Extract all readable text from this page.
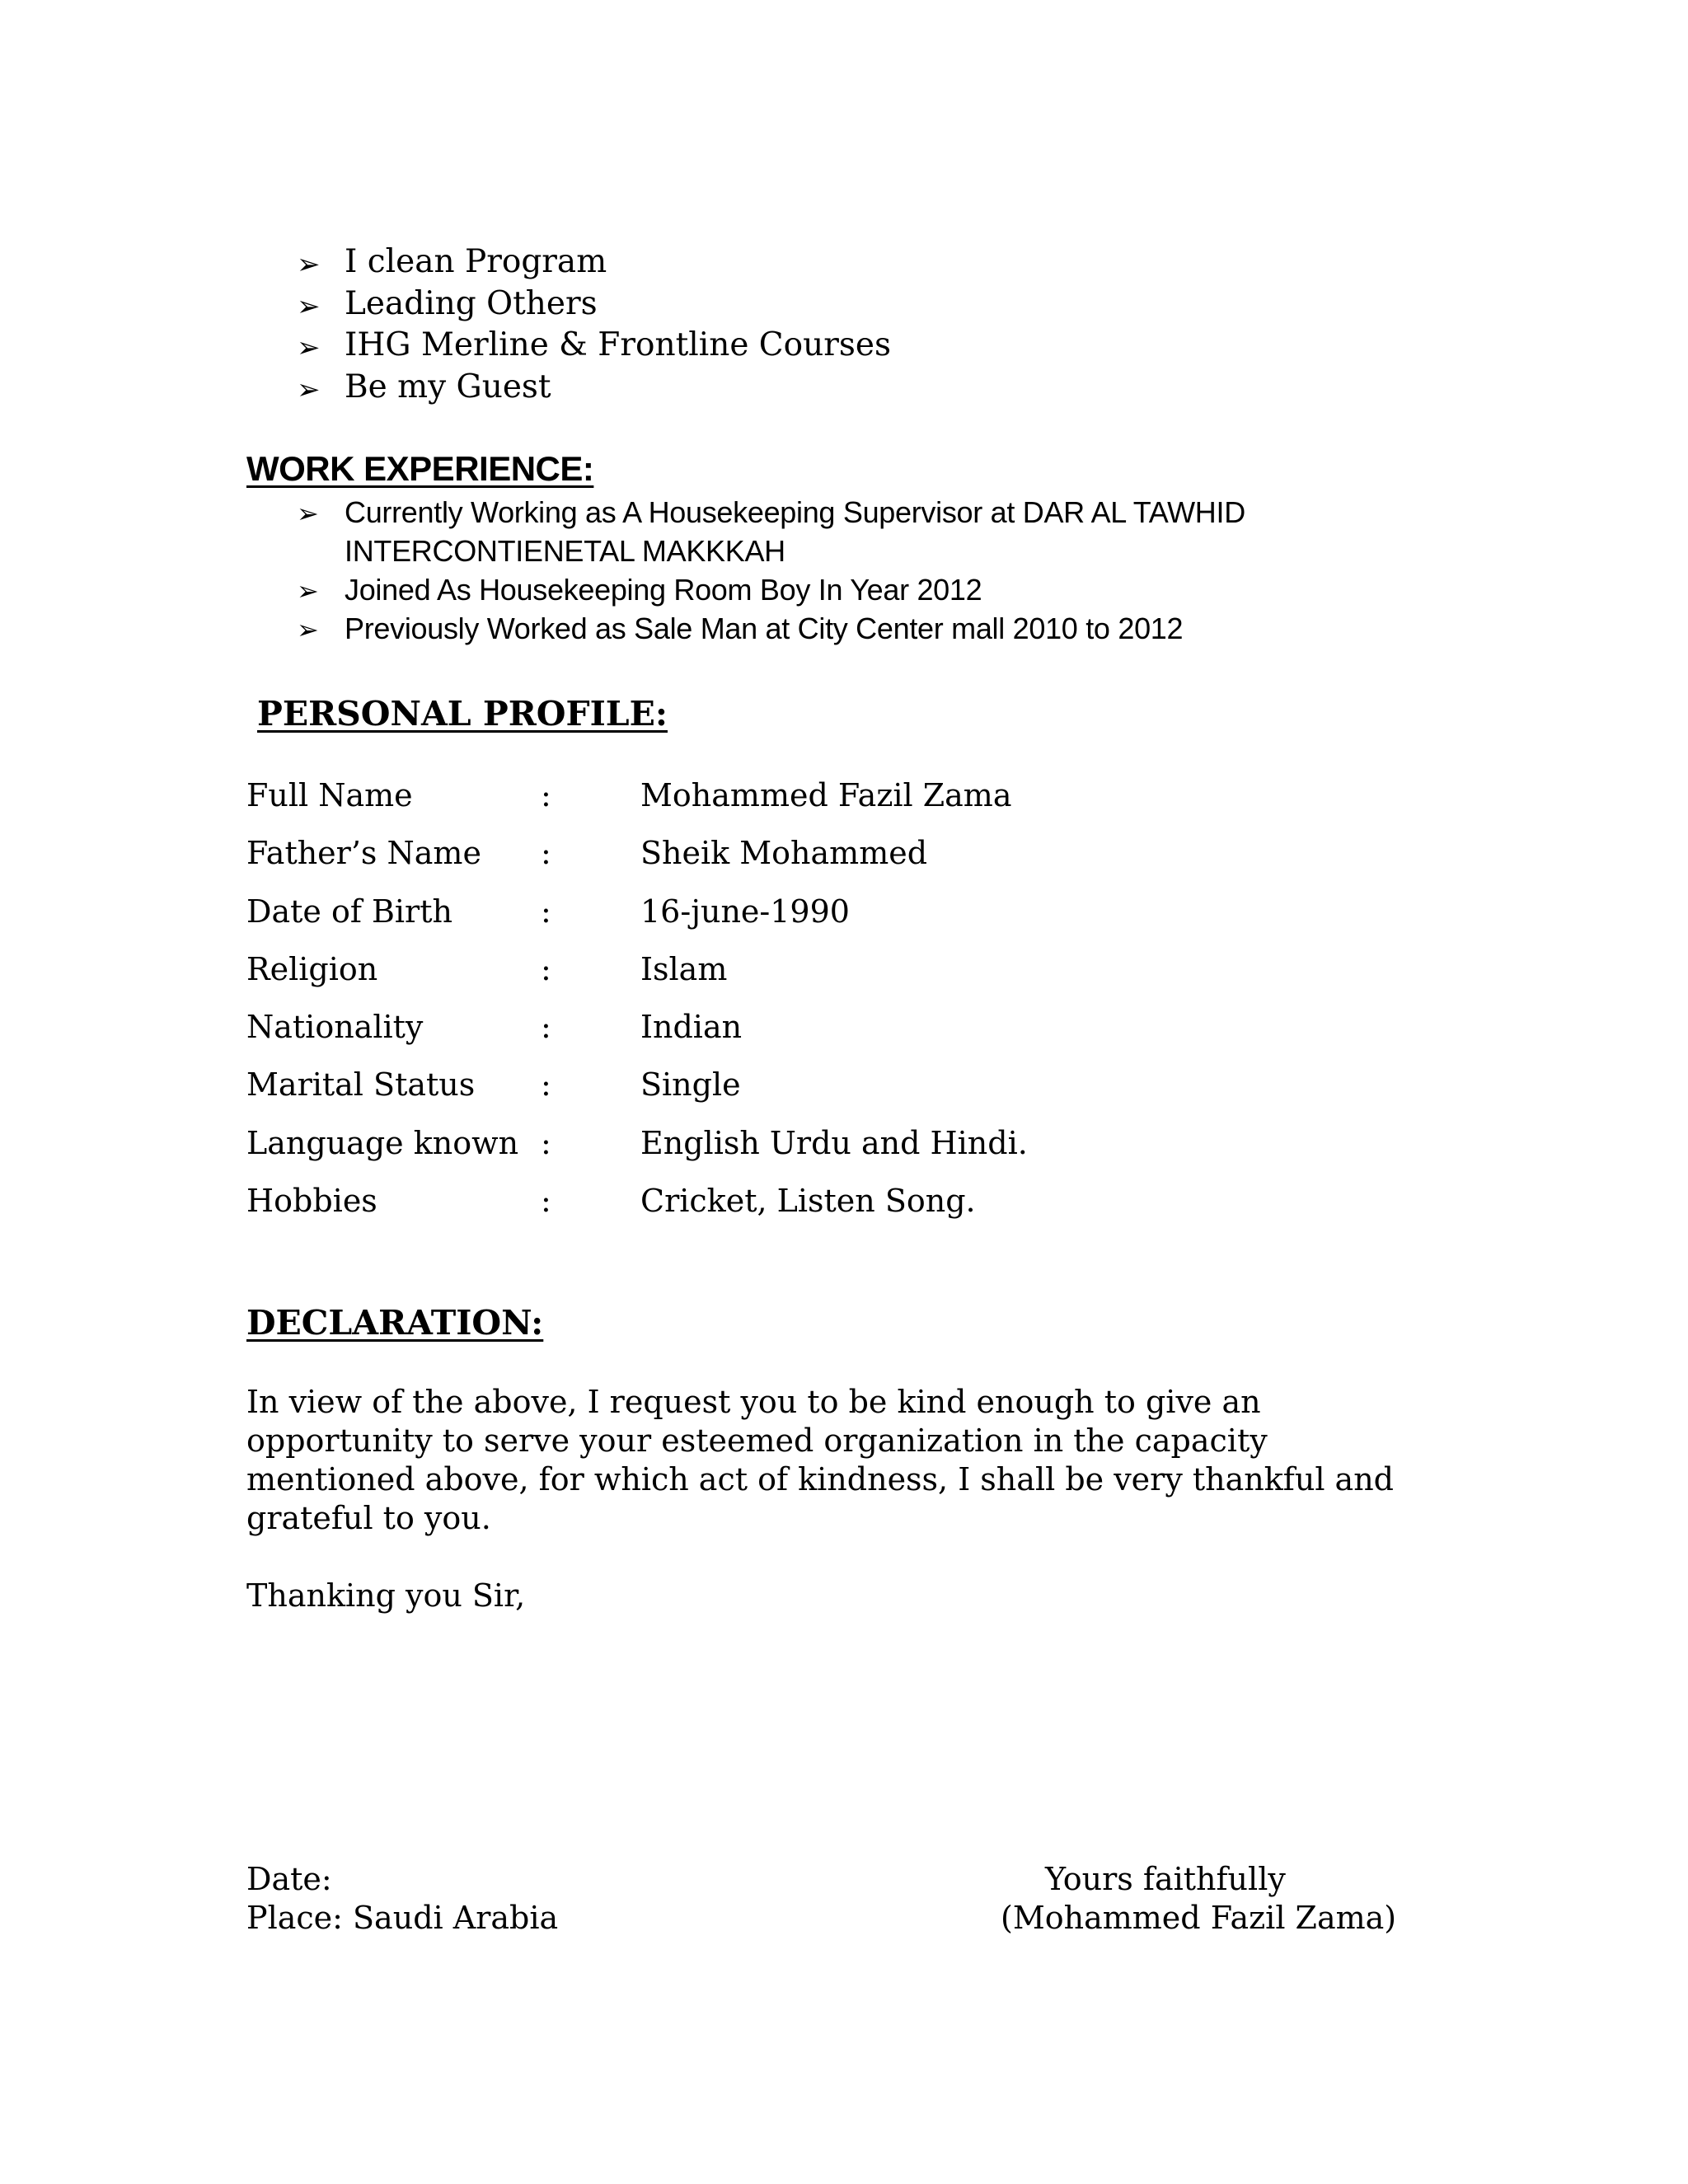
➢ I clean Program
➢ Leading Others
➢ IHG Merline & Frontline Courses
➢ Be my Guest
WORK EXPERIENCE:
➢ Currently Working as A Housekeeping Supervisor at DAR AL TAWHID INTERCONTIENETAL MAKKKAH
➢ Joined As Housekeeping Room Boy In Year 2012
➢ Previously Worked as Sale Man at City Center mall 2010 to 2012
PERSONAL PROFILE:
Full Name	:	Mohammed Fazil Zama
Father’s Name :	Sheik Mohammed
Date of Birth	:	16-june-1990
Religion	:	Islam
Nationality	:	Indian
Marital Status :	Single
Language known :	English Urdu and Hindi.
Hobbies	:	Cricket, Listen Song.
DECLARATION:

In view of the above, I request you to be kind enough to give an opportunity to serve your esteemed organization in the capacity mentioned above, for which act of kindness, I shall be very thankful and grateful to you.

Thanking you Sir,

Date:

Place: Saudi Arabia

Yours faithfully

(Mohammed Fazil Zama)
